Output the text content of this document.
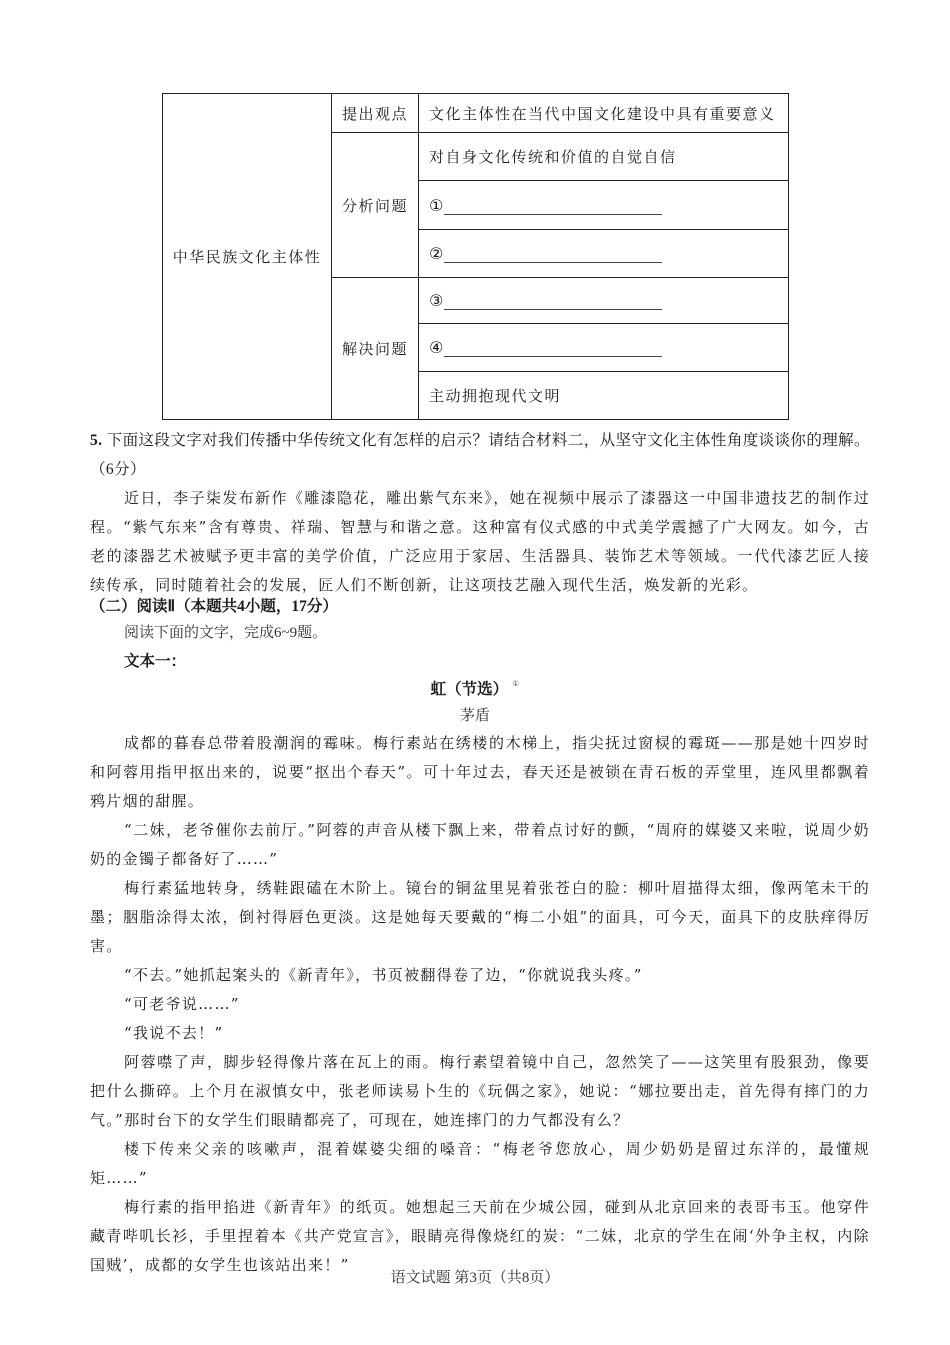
中华民族文化主体性	提出观点	文化主体性在当代中国文化建设中具有重要意义
	分析问题	对自身文化传统和价值的自觉自信

		①

		②

	解决问题	③

		④

		主动拥抱现代文明
5. 下面这段文字对我们传播中华传统文化有怎样的启示？请结合材料二，从坚守文化主体性角度谈谈你的理解。（6分）
近日，李子柒发布新作《雕漆隐花，雕出紫气东来》，她在视频中展示了漆器这一中国非遗技艺的制作过程。“紫气东来”含有尊贵、祥瑞、智慧与和谐之意。这种富有仪式感的中式美学震撼了广大网友。如今，古老的漆器艺术被赋予更丰富的美学价值，广泛应用于家居、生活器具、装饰艺术等领域。一代代漆艺匠人接续传承，同时随着社会的发展，匠人们不断创新，让这项技艺融入现代生活，焕发新的光彩。
（二）阅读Ⅱ（本题共4小题，17分）
阅读下面的文字，完成6~9题。
文本一：
虹（节选） ①
茅盾

成都的暮春总带着股潮润的霉味。梅行素站在绣楼的木梯上，指尖抚过窗棂的霉斑——那是她十四岁时和阿蓉用指甲抠出来的，说要“抠出个春天”。可十年过去，春天还是被锁在青石板的弄堂里，连风里都飘着鸦片烟的甜腥。

“二妹，老爷催你去前厅。”阿蓉的声音从楼下飘上来，带着点讨好的颤，“周府的媒婆又来啦，说周少奶奶的金镯子都备好了……”

梅行素猛地转身，绣鞋跟磕在木阶上。镜台的铜盆里晃着张苍白的脸：柳叶眉描得太细，像两笔未干的墨；胭脂涂得太浓，倒衬得唇色更淡。这是她每天要戴的“梅二小姐”的面具，可今天，面具下的皮肤痒得厉害。

“不去。”她抓起案头的《新青年》，书页被翻得卷了边，“你就说我头疼。”

“可老爷说……”

“我说不去！”

阿蓉噤了声，脚步轻得像片落在瓦上的雨。梅行素望着镜中自己，忽然笑了——这笑里有股狠劲，像要把什么撕碎。上个月在淑慎女中，张老师读易卜生的《玩偶之家》，她说：“娜拉要出走，首先得有摔门的力气。”那时台下的女学生们眼睛都亮了，可现在，她连摔门的力气都没有么？

楼下传来父亲的咳嗽声，混着媒婆尖细的嗓音：“梅老爷您放心，周少奶奶是留过东洋的，最懂规矩……”

梅行素的指甲掐进《新青年》的纸页。她想起三天前在少城公园，碰到从北京回来的表哥韦玉。他穿件藏青哔叽长衫，手里捏着本《共产党宣言》，眼睛亮得像烧红的炭：“二妹，北京的学生在闹‘外争主权，内除国贼’，成都的女学生也该站出来！”

语文试题 第3页（共8页）
